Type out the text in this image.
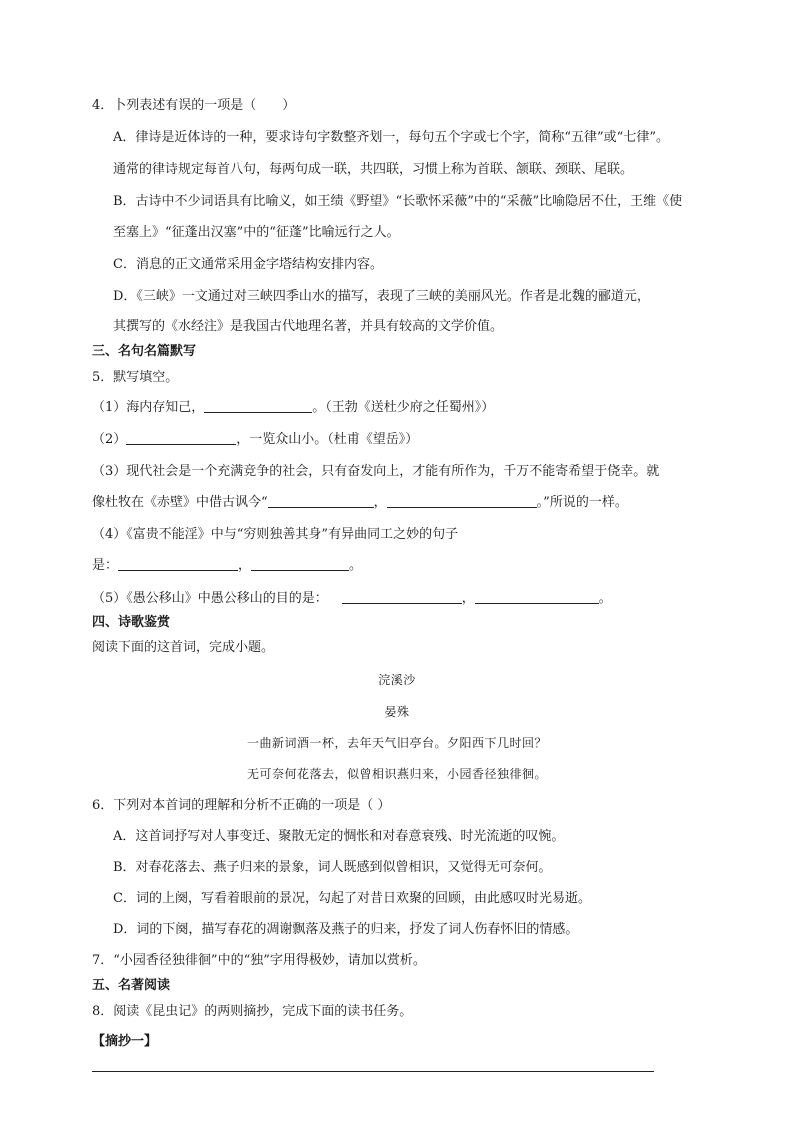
4．卜列表述有误的一项是（　　）
A．律诗是近体诗的一种，要求诗句字数整齐划一，每句五个字或七个字，简称“五律”或“七律”。
通常的律诗规定每首八句，每两句成一联，共四联，习惯上称为首联、颔联、颈联、尾联。
B．古诗中不少词语具有比喻义，如王绩《野望》“长歌怀采薇”中的“采薇”比喻隐居不仕，王维《使
至塞上》“征蓬出汉塞”中的“征蓬”比喻远行之人。
C．消息的正文通常采用金字塔结构安排内容。
D．《三峡》一文通过对三峡四季山水的描写，表现了三峡的美丽风光。作者是北魏的郦道元，
其撰写的《水经注》是我国古代地理名著，并具有较高的文学价值。
三、名句名篇默写
5．默写填空。
（1）海内存知己，	。（王勃《送杜少府之任蜀州》）
（2）	，一览众山小。（杜甫《望岳》）
（3）现代社会是一个充满竞争的社会，只有奋发向上，才能有所作为，千万不能寄希望于侥幸。就
像杜牧在《赤壁》中借古讽今“	，	。”所说的一样。
（4）《富贵不能淫》中与“穷则独善其身”有异曲同工之妙的句子
是：	，	。
（5）《愚公移山》中愚公移山的目的是：	，	。
四、诗歌鉴赏
阅读下面的这首词，完成小题。
浣溪沙
晏殊
一曲新词酒一杯，去年天气旧亭台。夕阳西下几时回？
无可奈何花落去，似曾相识燕归来，小园香径独徘徊。
6．下列对本首词的理解和分析不正确的一项是（ ）
A．这首词抒写对人事变迁、聚散无定的惆怅和对春意衰残、时光流逝的叹惋。
B．对春花落去、燕子归来的景象，词人既感到似曾相识，又觉得无可奈何。
C．词的上阕，写看着眼前的景况，勾起了对昔日欢聚的回顾，由此感叹时光易逝。
D．词的下阕，描写春花的凋谢飘落及燕子的归来，抒发了词人伤春怀旧的情感。
7．“小园香径独徘徊”中的“独”字用得极妙，请加以赏析。
五、名著阅读
8．阅读《昆虫记》的两则摘抄，完成下面的读书任务。
【摘抄一】
